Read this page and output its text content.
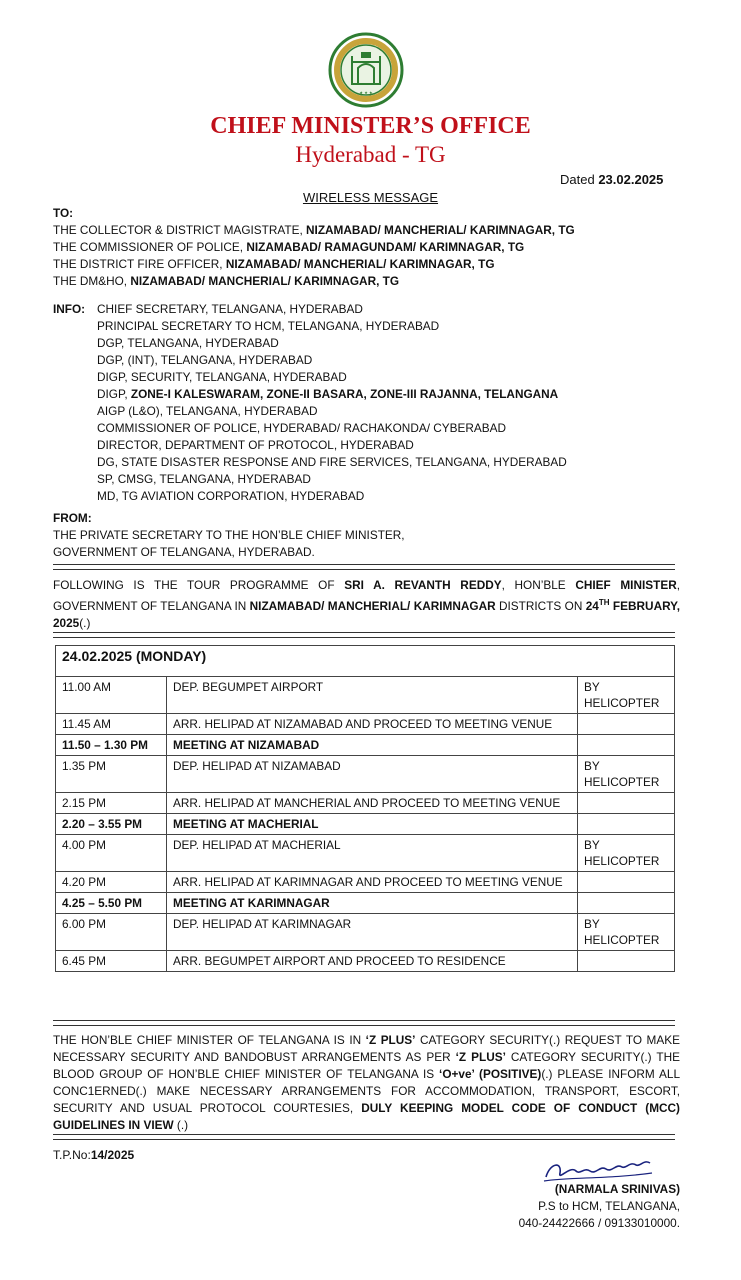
★ ★ ★
CHIEF MINISTER’S OFFICE
Hyderabad - TG
Dated 23.02.2025
WIRELESS MESSAGE
TO:
THE COLLECTOR & DISTRICT MAGISTRATE, NIZAMABAD/ MANCHERIAL/ KARIMNAGAR, TG
THE COMMISSIONER OF POLICE, NIZAMABAD/ RAMAGUNDAM/ KARIMNAGAR, TG
THE DISTRICT FIRE OFFICER, NIZAMABAD/ MANCHERIAL/ KARIMNAGAR, TG
THE DM&HO, NIZAMABAD/ MANCHERIAL/ KARIMNAGAR, TG
INFO: CHIEF SECRETARY, TELANGANA, HYDERABAD
PRINCIPAL SECRETARY TO HCM, TELANGANA, HYDERABAD
DGP, TELANGANA, HYDERABAD
DGP, (INT), TELANGANA, HYDERABAD
DIGP, SECURITY, TELANGANA, HYDERABAD
DIGP, ZONE-I KALESWARAM, ZONE-II BASARA, ZONE-III RAJANNA, TELANGANA
AIGP (L&O), TELANGANA, HYDERABAD
COMMISSIONER OF POLICE, HYDERABAD/ RACHAKONDA/ CYBERABAD
DIRECTOR, DEPARTMENT OF PROTOCOL, HYDERABAD
DG, STATE DISASTER RESPONSE AND FIRE SERVICES, TELANGANA, HYDERABAD
SP, CMSG, TELANGANA, HYDERABAD
MD, TG AVIATION CORPORATION, HYDERABAD
FROM:
THE PRIVATE SECRETARY TO THE HON’BLE CHIEF MINISTER,
GOVERNMENT OF TELANGANA, HYDERABAD.
FOLLOWING IS THE TOUR PROGRAMME OF SRI A. REVANTH REDDY, HON’BLE CHIEF MINISTER, GOVERNMENT OF TELANGANA IN NIZAMABAD/ MANCHERIAL/ KARIMNAGAR DISTRICTS ON 24TH FEBRUARY, 2025(.)
24.02.2025 (MONDAY)		
11.00 AM	DEP. BEGUMPET AIRPORT	BY HELICOPTER
11.45 AM	ARR. HELIPAD AT NIZAMABAD AND PROCEED TO MEETING VENUE	
11.50 – 1.30 PM	MEETING AT NIZAMABAD	
1.35 PM	DEP. HELIPAD AT NIZAMABAD	BY HELICOPTER
2.15 PM	ARR. HELIPAD AT MANCHERIAL AND PROCEED TO MEETING VENUE	
2.20 – 3.55 PM	MEETING AT MACHERIAL	
4.00 PM	DEP. HELIPAD AT MACHERIAL	BY HELICOPTER
4.20 PM	ARR. HELIPAD AT KARIMNAGAR AND PROCEED TO MEETING VENUE	
4.25 – 5.50 PM	MEETING AT KARIMNAGAR	
6.00 PM	DEP. HELIPAD AT KARIMNAGAR	BY HELICOPTER
6.45 PM	ARR. BEGUMPET AIRPORT AND PROCEED TO RESIDENCE	
THE HON’BLE CHIEF MINISTER OF TELANGANA IS IN ‘Z PLUS’ CATEGORY SECURITY(.) REQUEST TO MAKE NECESSARY SECURITY AND BANDOBUST ARRANGEMENTS AS PER ‘Z PLUS’ CATEGORY SECURITY(.) THE BLOOD GROUP OF HON’BLE CHIEF MINISTER OF TELANGANA IS ‘O+ve’ (POSITIVE)(.) PLEASE INFORM ALL CONC1ERNED(.) MAKE NECESSARY ARRANGEMENTS FOR ACCOMMODATION, TRANSPORT, ESCORT, SECURITY AND USUAL PROTOCOL COURTESIES, DULY KEEPING MODEL CODE OF CONDUCT (MCC) GUIDELINES IN VIEW (.)
T.P.No:14/2025
(NARMALA SRINIVAS)
P.S to HCM, TELANGANA,
040-24422666 / 09133010000.
